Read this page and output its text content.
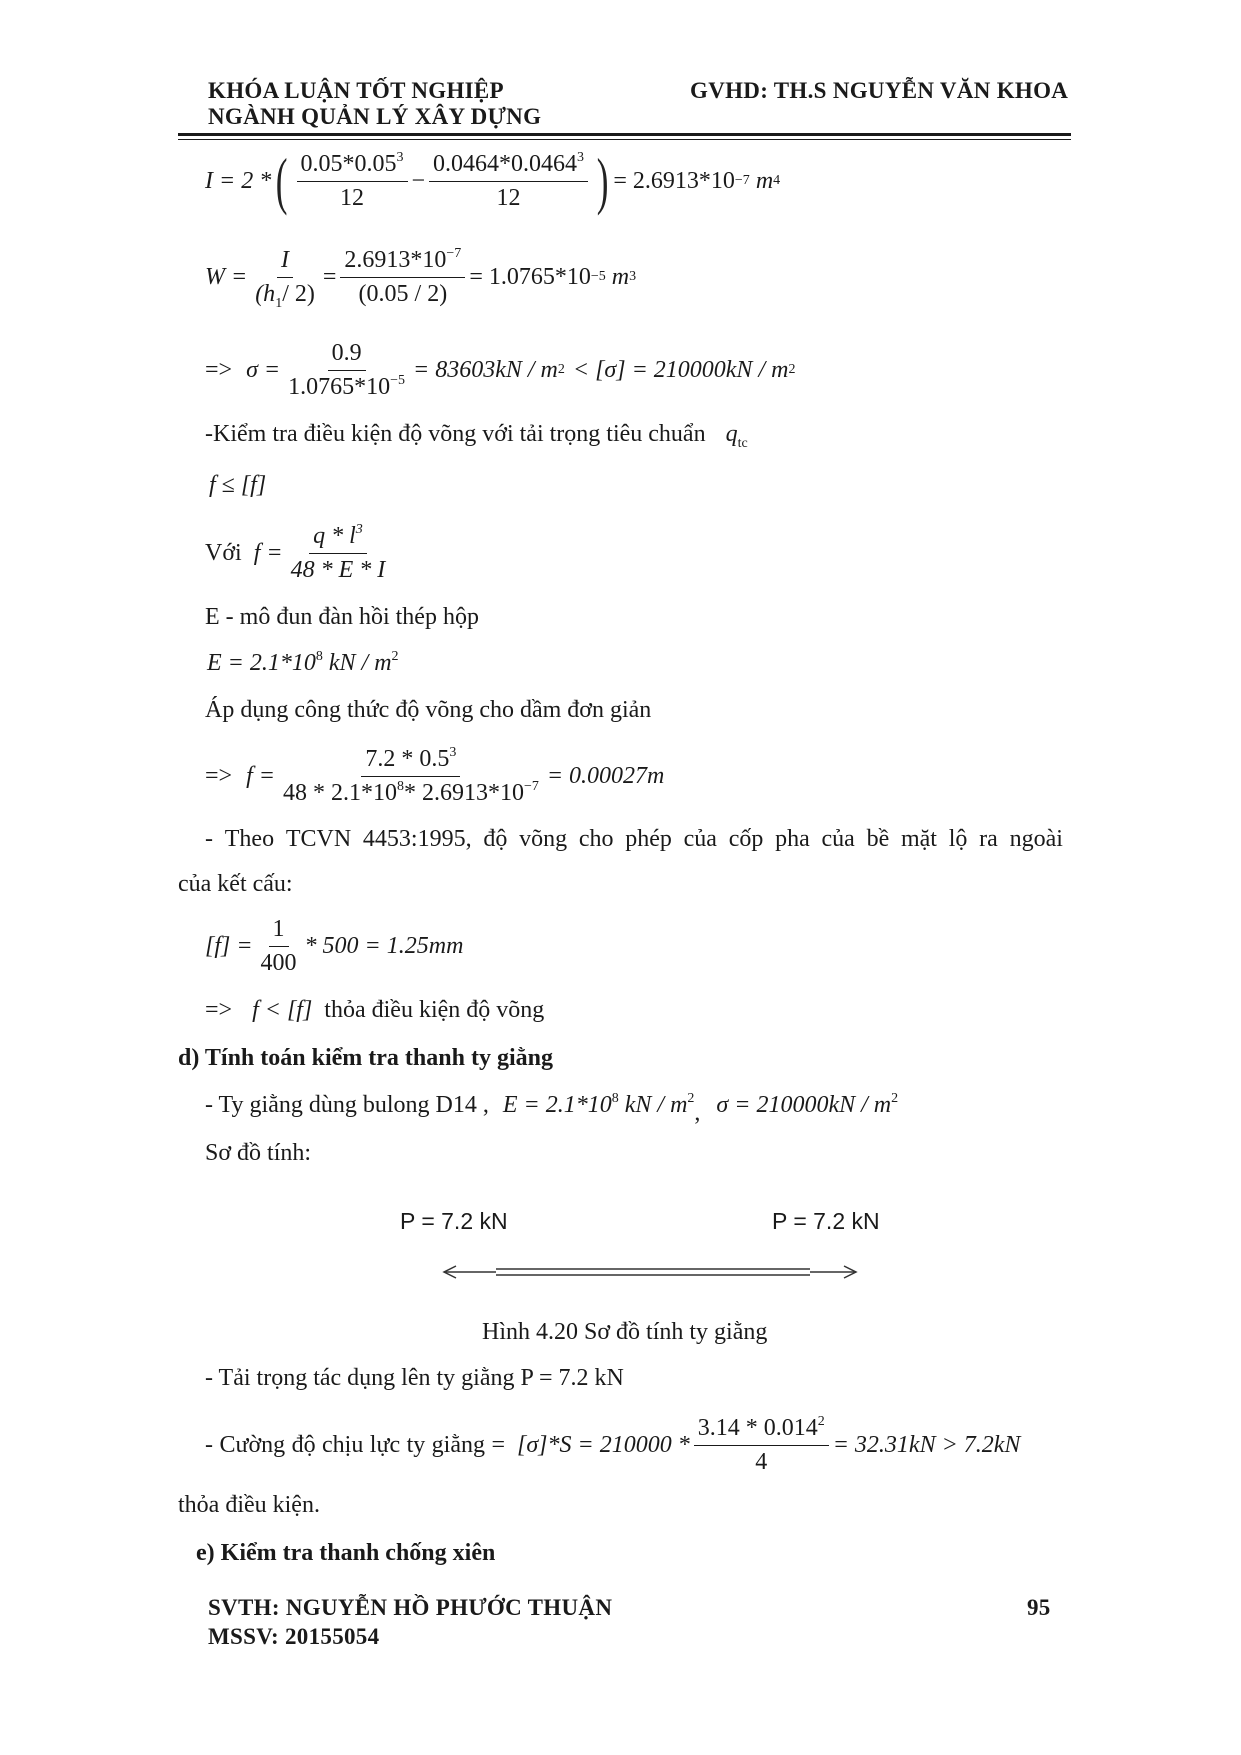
KHÓA LUẬN TỐT NGHIỆP
NGÀNH QUẢN LÝ XÂY DỰNG
GVHD: TH.S NGUYỄN VĂN KHOA
I = 2 * ( $\frac{0.05*0.05^3}{12} - \frac{0.0464*0.0464^3}{12}$ ) = 2.6913*10 −7 m 4
$W = \frac{I}{(h_1/ 2)} = \frac{2.6913*10^{-7}}{(0.05 / 2)} = 1.0765*10 -5$ m 3
=> $\sigma = \frac{0.9}{1.0765*10^{-5}} = 83603kN / m$ 2 < [σ] = 210000kN / m 2
-Kiểm tra điều kiện độ võng với tải trọng tiêu chuẩn $q_{tc}$
f ≤ [f]
Với $f = \frac{q * l^3}{48 * E * I}$
E - mô đun đàn hồi thép hộp
$E = 2.1*10^8$ kN / $m^2$
Áp dụng công thức độ võng cho dầm đơn giản
=> $f = \frac{7.2 * 0.5^3}{48 * 2.1*10^8* 2.6913*10^{-7}} = 0.00027m$
- Theo TCVN 4453:1995, độ võng cho phép của cốp pha của bề mặt lộ ra ngoài
của kết cấu:
$[f] = \frac{1}{400} * 500 = 1.25mm$
=> f < [f] thỏa điều kiện độ võng
d) Tính toán kiểm tra thanh ty giằng
- Ty giằng dùng bulong D14 , $E = 2.1*10^8$ kN / $m^2$, $\sigma = 210000kN / m^2$
Sơ đồ tính:
P = 7.2 kN	P = 7.2 kN
Hình 4.20 Sơ đồ tính ty giằng
- Tải trọng tác dụng lên ty giằng P = 7.2 kN
- Cường độ chịu lực ty giằng = $[\sigma]*S = 210000 * \frac{3.14 * 0.014^2}{4} = 32.31kN > 7.2kN$
thỏa điều kiện.
e) Kiểm tra thanh chống xiên
SVTH: NGUYỄN HỒ PHƯỚC THUẬN
MSSV: 20155054
95
